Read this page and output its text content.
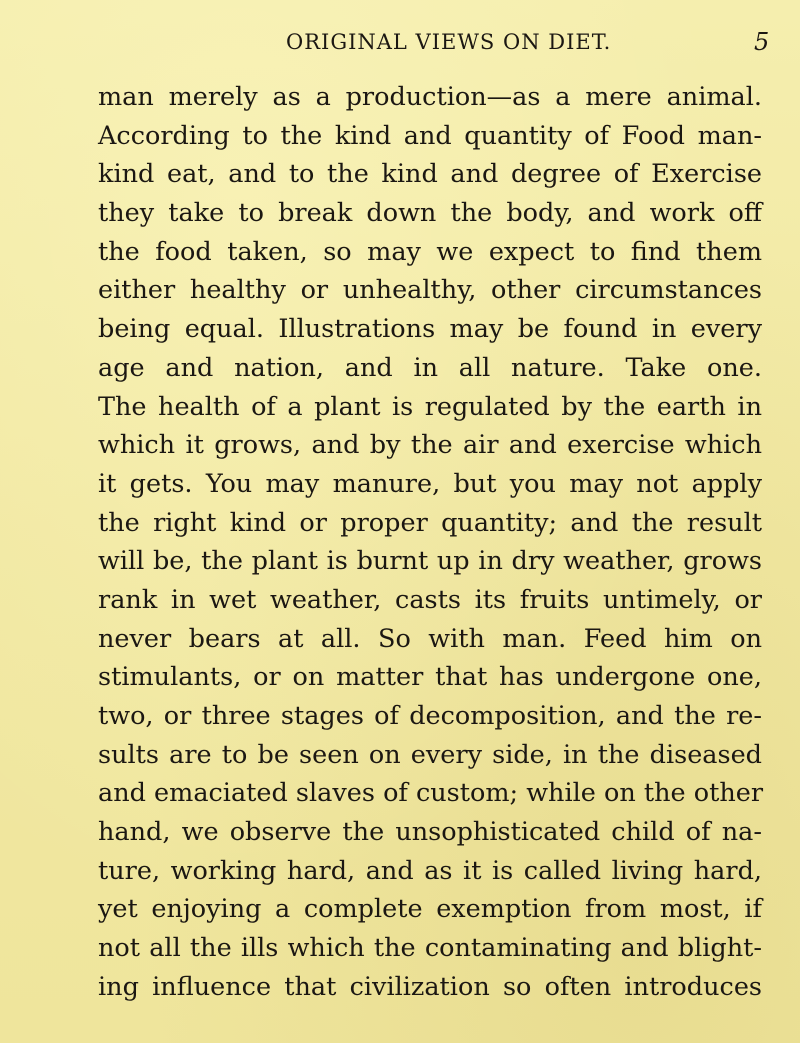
ORIGINAL VIEWS ON DIET.	5
man merely as a production—as a mere animal.
According to the kind and quantity of Food man-
kind eat, and to the kind and degree of Exercise
they take to break down the body, and work off
the food taken, so may we expect to find them
either healthy or unhealthy, other circumstances
being equal. Illustrations may be found in every
age and nation, and in all nature. Take one.
The health of a plant is regulated by the earth in
which it grows, and by the air and exercise which
it gets. You may manure, but you may not apply
the right kind or proper quantity; and the result
will be, the plant is burnt up in dry weather, grows
rank in wet weather, casts its fruits untimely, or
never bears at all. So with man. Feed him on
stimulants, or on matter that has undergone one,
two, or three stages of decomposition, and the re-
sults are to be seen on every side, in the diseased
and emaciated slaves of custom; while on the other
hand, we observe the unsophisticated child of na-
ture, working hard, and as it is called living hard,
yet enjoying a complete exemption from most, if
not all the ills which the contaminating and blight-
ing influence that civilization so often introduces
